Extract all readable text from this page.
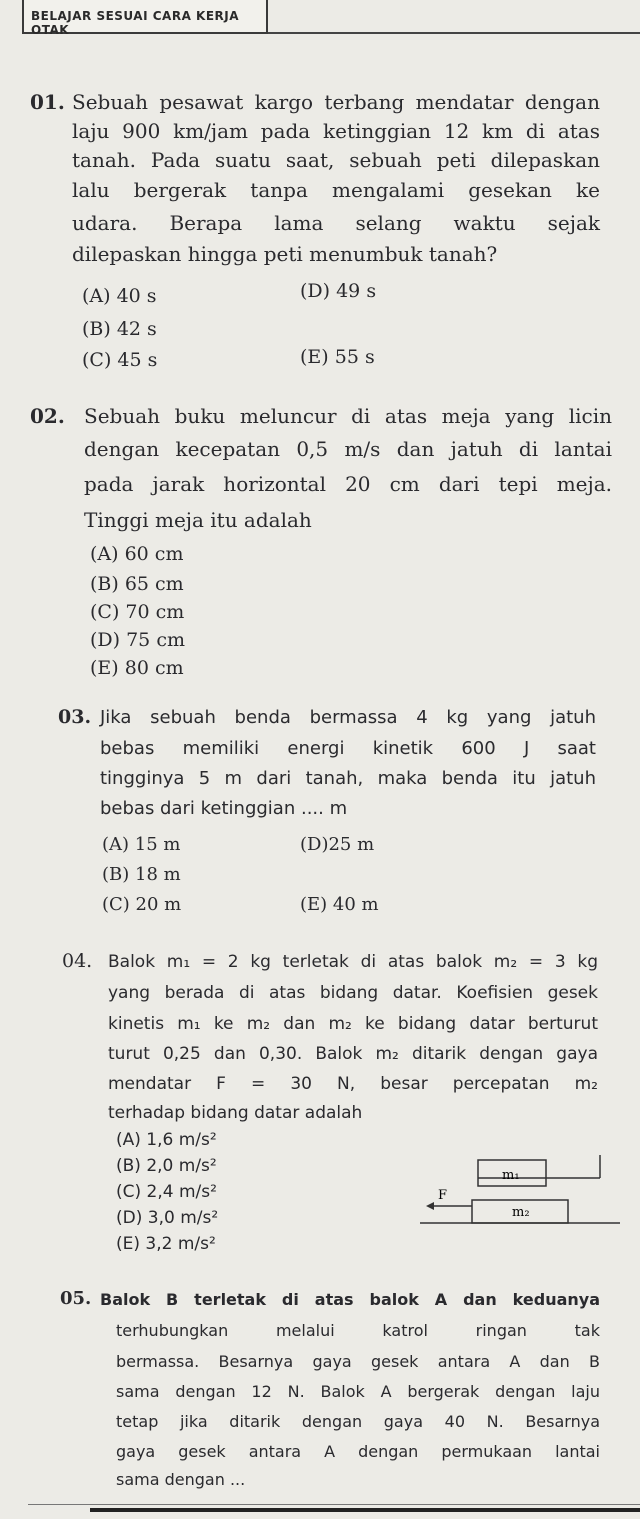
BELAJAR SESUAI CARA KERJA OTAK
01. Sebuah pesawat kargo terbang mendatar dengan
laju 900 km/jam pada ketinggian 12 km di atas
tanah. Pada suatu saat, sebuah peti dilepaskan
lalu bergerak tanpa mengalami gesekan ke
udara. Berapa lama selang waktu sejak
dilepaskan hingga peti menumbuk tanah?
(A) 40 s	(D) 49 s
(B) 42 s
(C) 45 s	(E) 55 s
02. Sebuah buku meluncur di atas meja yang licin
dengan kecepatan 0,5 m/s dan jatuh di lantai
pada jarak horizontal 20 cm dari tepi meja.
Tinggi meja itu adalah
(A) 60 cm
(B) 65 cm
(C) 70 cm
(D) 75 cm
(E) 80 cm
03. Jika sebuah benda bermassa 4 kg yang jatuh
bebas memiliki energi kinetik 600 J saat
tingginya 5 m dari tanah, maka benda itu jatuh
bebas dari ketinggian .... m
(A) 15 m	(D)25 m
(B) 18 m
(C) 20 m	(E) 40 m
04. Balok m₁ = 2 kg terletak di atas balok m₂ = 3 kg
yang berada di atas bidang datar. Koefisien gesek
kinetis m₁ ke m₂ dan m₂ ke bidang datar berturut
turut 0,25 dan 0,30. Balok m₂ ditarik dengan gaya
mendatar F = 30 N, besar percepatan m₂
terhadap bidang datar adalah
(A) 1,6 m/s²
(B) 2,0 m/s²
(C) 2,4 m/s²
(D) 3,0 m/s²
(E) 3,2 m/s²
m₁
m₂
F
05. Balok B terletak di atas balok A dan keduanya
terhubungkan melalui katrol ringan tak
bermassa. Besarnya gaya gesek antara A dan B
sama dengan 12 N. Balok A bergerak dengan laju
tetap jika ditarik dengan gaya 40 N. Besarnya
gaya gesek antara A dengan permukaan lantai
sama dengan ...
